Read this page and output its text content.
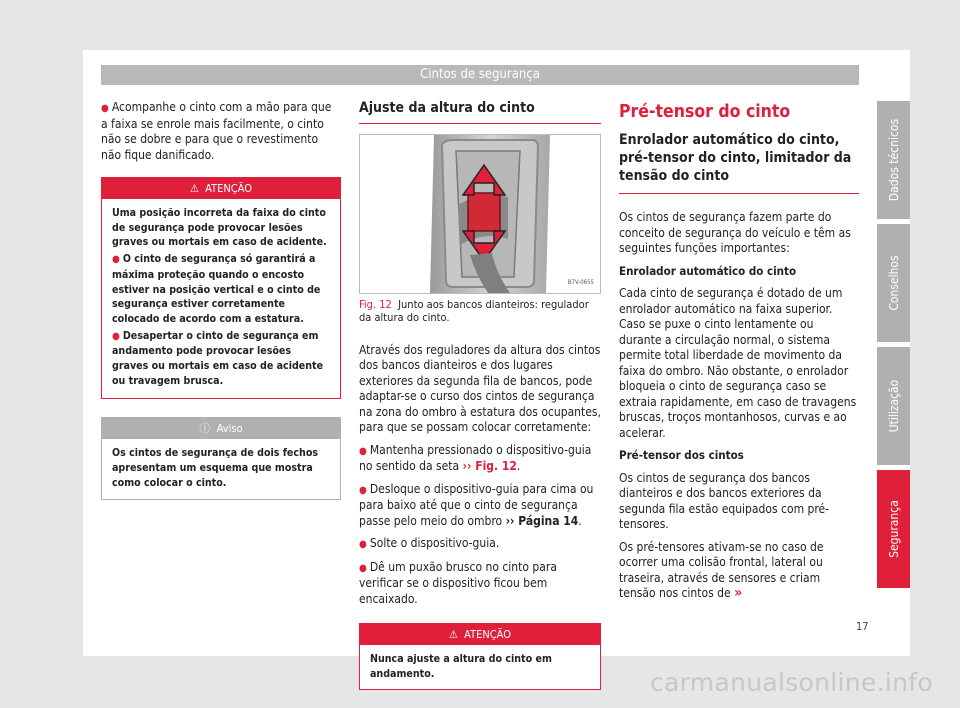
Cintos de segurança

● Acompanhe o cinto com a mão para que a faixa se enrole mais facilmente, o cinto não se dobre e para que o revestimento não fique danificado.

⚠ ATENÇÃO

Uma posição incorreta da faixa do cinto de segurança pode provocar lesões graves ou mortais em caso de acidente.

● O cinto de segurança só garantirá a máxima proteção quando o encosto estiver na posição vertical e o cinto de segurança estiver corretamente colocado de acordo com a estatura.

● Desapertar o cinto de segurança em andamento pode provocar lesões graves ou mortais em caso de acidente ou travagem brusca.

ⓘ Aviso
Os cintos de segurança de dois fechos apresentam um esquema que mostra como colocar o cinto.
Ajuste da altura do cinto
B7V-0655
Fig. 12 Junto aos bancos dianteiros: regulador da altura do cinto.

Através dos reguladores da altura dos cintos dos bancos dianteiros e dos lugares exteriores da segunda fila de bancos, pode adaptar-se o curso dos cintos de segurança na zona do ombro à estatura dos ocupantes, para que se possam colocar corretamente:

● Mantenha pressionado o dispositivo-guia no sentido da seta ›› Fig. 12.

● Desloque o dispositivo-guia para cima ou para baixo até que o cinto de segurança passe pelo meio do ombro ›› Página 14.

● Solte o dispositivo-guia.

● Dê um puxão brusco no cinto para verificar se o dispositivo ficou bem encaixado.

⚠ ATENÇÃO
Nunca ajuste a altura do cinto em andamento.
Pré-tensor do cinto
Enrolador automático do cinto, pré-tensor do cinto, limitador da tensão do cinto

Os cintos de segurança fazem parte do conceito de segurança do veículo e têm as seguintes funções importantes:

Enrolador automático do cinto

Cada cinto de segurança é dotado de um enrolador automático na faixa superior. Caso se puxe o cinto lentamente ou durante a circulação normal, o sistema permite total liberdade de movimento da faixa do ombro. Não obstante, o enrolador bloqueia o cinto de segurança caso se extraia rapidamente, em caso de travagens bruscas, troços montanhosos, curvas e ao acelerar.

Pré-tensor dos cintos

Os cintos de segurança dos bancos dianteiros e dos bancos exteriores da segunda fila estão equipados com pré-tensores.

Os pré-tensores ativam-se no caso de ocorrer uma colisão frontal, lateral ou traseira, através de sensores e criam tensão nos cintos de »

Dados técnicos
Conselhos
Utilização
Segurança
17
carmanualsonline.info
